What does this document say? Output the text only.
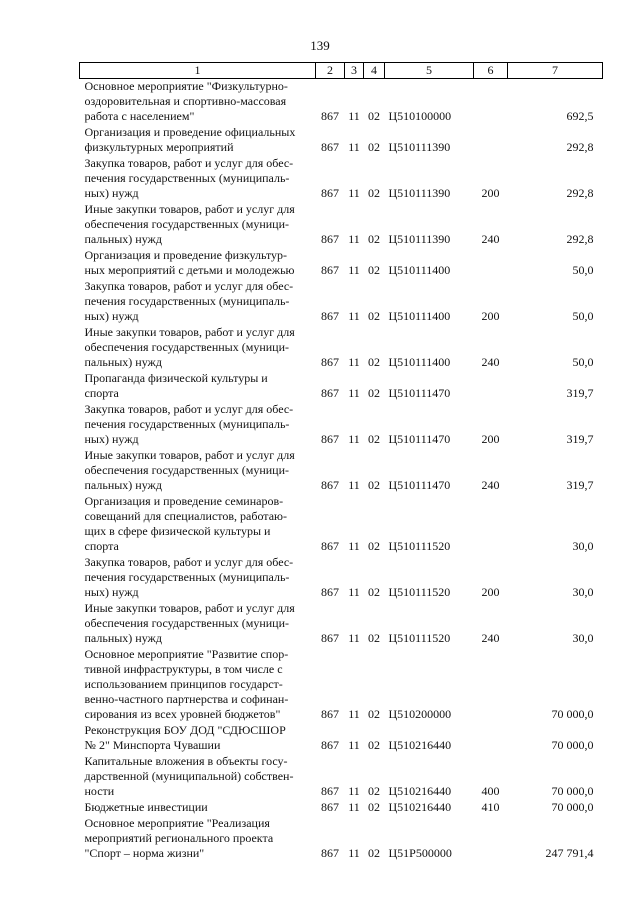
139
1	2	3	4	5	6	7

Основное мероприятие "Физкультурно-
оздоровительная и спортивно-массовая
работа с населением"	867	11	02	Ц510100000		692,5

Организация и проведение официальных
физкультурных мероприятий	867	11	02	Ц510111390		292,8

Закупка товаров, работ и услуг для обес-
печения государственных (муниципаль-
ных) нужд	867	11	02	Ц510111390	200	292,8

Иные закупки товаров, работ и услуг для
обеспечения государственных (муници-
пальных) нужд	867	11	02	Ц510111390	240	292,8

Организация и проведение физкультур-
ных мероприятий с детьми и молодежью	867	11	02	Ц510111400		50,0

Закупка товаров, работ и услуг для обес-
печения государственных (муниципаль-
ных) нужд	867	11	02	Ц510111400	200	50,0

Иные закупки товаров, работ и услуг для
обеспечения государственных (муници-
пальных) нужд	867	11	02	Ц510111400	240	50,0

Пропаганда физической культуры и
спорта	867	11	02	Ц510111470		319,7

Закупка товаров, работ и услуг для обес-
печения государственных (муниципаль-
ных) нужд	867	11	02	Ц510111470	200	319,7

Иные закупки товаров, работ и услуг для
обеспечения государственных (муници-
пальных) нужд	867	11	02	Ц510111470	240	319,7

Организация и проведение семинаров-
совещаний для специалистов, работаю-
щих в сфере физической культуры и
спорта	867	11	02	Ц510111520		30,0

Закупка товаров, работ и услуг для обес-
печения государственных (муниципаль-
ных) нужд	867	11	02	Ц510111520	200	30,0

Иные закупки товаров, работ и услуг для
обеспечения государственных (муници-
пальных) нужд	867	11	02	Ц510111520	240	30,0

Основное мероприятие "Развитие спор-
тивной инфраструктуры, в том числе с
использованием принципов государст-
венно-частного партнерства и софинан-
сирования из всех уровней бюджетов"	867	11	02	Ц510200000		70 000,0

Реконструкция БОУ ДОД "СДЮСШОР
№ 2" Минспорта Чувашии	867	11	02	Ц510216440		70 000,0

Капитальные вложения в объекты госу-
дарственной (муниципальной) собствен-
ности	867	11	02	Ц510216440	400	70 000,0

Бюджетные инвестиции	867	11	02	Ц510216440	410	70 000,0

Основное мероприятие "Реализация
мероприятий регионального проекта
"Спорт – норма жизни"	867	11	02	Ц51P500000		247 791,4
